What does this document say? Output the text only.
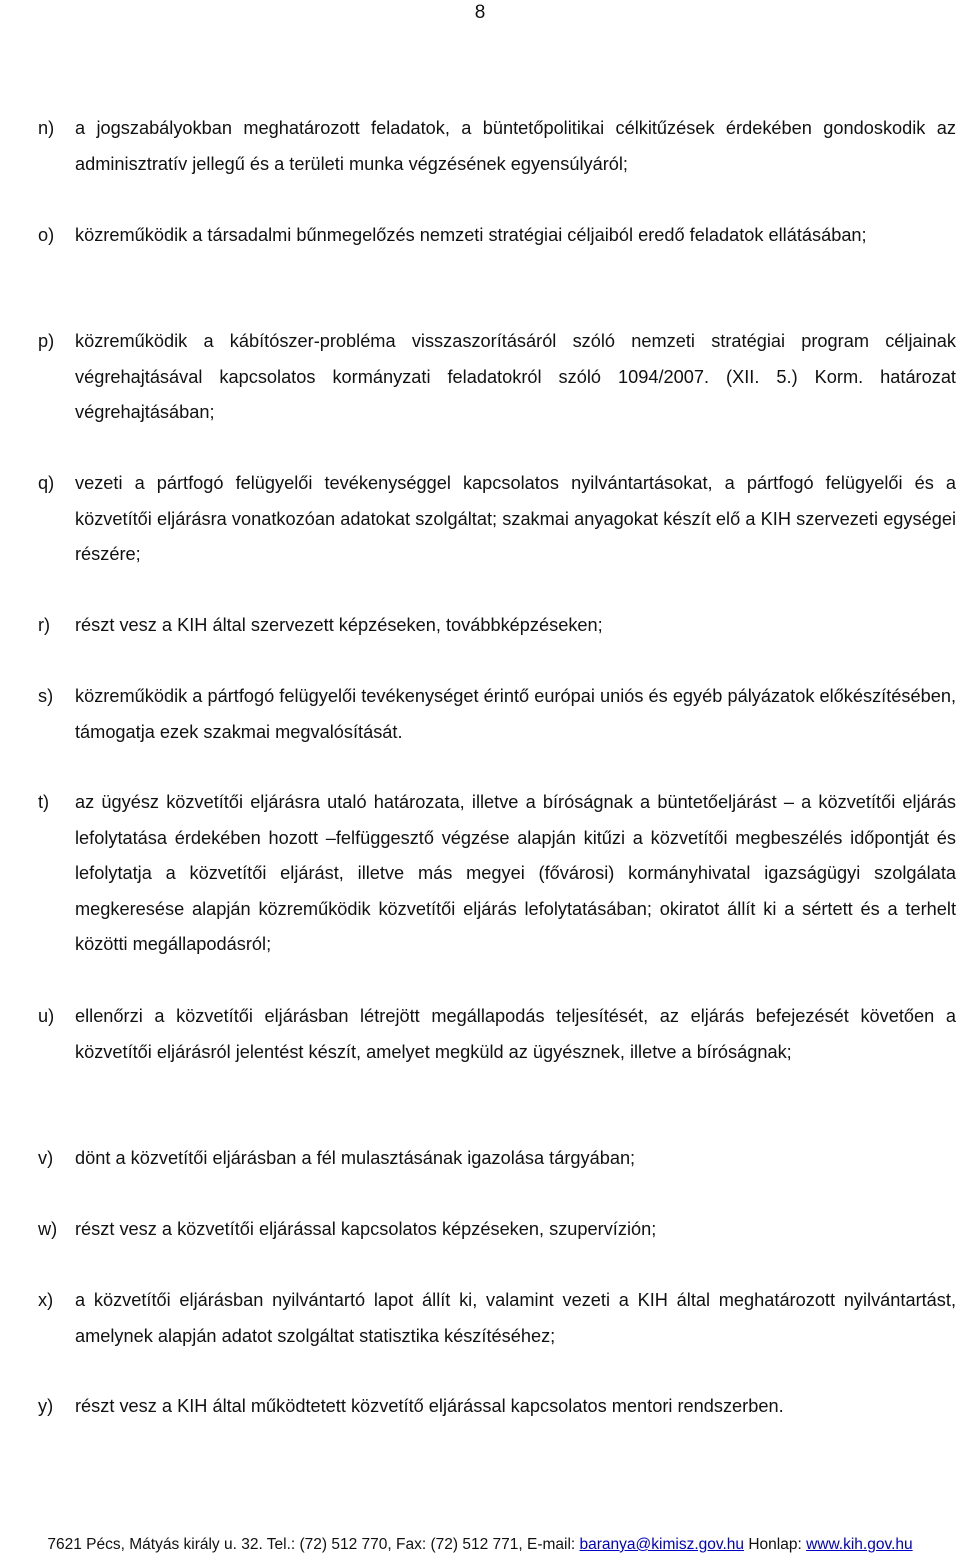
8
n)	a jogszabályokban meghatározott feladatok, a büntetőpolitikai célkitűzések érdekében gondoskodik az adminisztratív jellegű és a területi munka végzésének egyensúlyáról;
o)	közreműködik a társadalmi bűnmegelőzés nemzeti stratégiai céljaiból eredő feladatok ellátásában;
p)	közreműködik a kábítószer-probléma visszaszorításáról szóló nemzeti stratégiai program céljainak végrehajtásával kapcsolatos kormányzati feladatokról szóló 1094/2007. (XII. 5.) Korm. határozat végrehajtásában;
q)	vezeti a pártfogó felügyelői tevékenységgel kapcsolatos nyilvántartásokat, a pártfogó felügyelői és a közvetítői eljárásra vonatkozóan adatokat szolgáltat; szakmai anyagokat készít elő a KIH szervezeti egységei részére;
r)	részt vesz a KIH által szervezett képzéseken, továbbképzéseken;
s)	közreműködik a pártfogó felügyelői tevékenységet érintő európai uniós és egyéb pályázatok előkészítésében, támogatja ezek szakmai megvalósítását.
t)	az ügyész közvetítői eljárásra utaló határozata, illetve a bíróságnak a büntetőeljárást – a közvetítői eljárás lefolytatása érdekében hozott –felfüggesztő végzése alapján kitűzi a közvetítői megbeszélés időpontját és lefolytatja a közvetítői eljárást, illetve más megyei (fővárosi) kormányhivatal igazságügyi szolgálata megkeresése alapján közreműködik közvetítői eljárás lefolytatásában; okiratot állít ki a sértett és a terhelt közötti megállapodásról;
u)	ellenőrzi a közvetítői eljárásban létrejött megállapodás teljesítését, az eljárás befejezését követően a közvetítői eljárásról jelentést készít, amelyet megküld az ügyésznek, illetve a bíróságnak;
v)	dönt a közvetítői eljárásban a fél mulasztásának igazolása tárgyában;
w) részt vesz a közvetítői eljárással kapcsolatos képzéseken, szupervízión;
x)	a közvetítői eljárásban nyilvántartó lapot állít ki, valamint vezeti a KIH által meghatározott nyilvántartást, amelynek alapján adatot szolgáltat statisztika készítéséhez;
y)	részt vesz a KIH által működtetett közvetítő eljárással kapcsolatos mentori rendszerben.
7621 Pécs, Mátyás király u. 32. Tel.: (72) 512 770, Fax: (72) 512 771, E-mail: baranya@kimisz.gov.hu Honlap: www.kih.gov.hu
